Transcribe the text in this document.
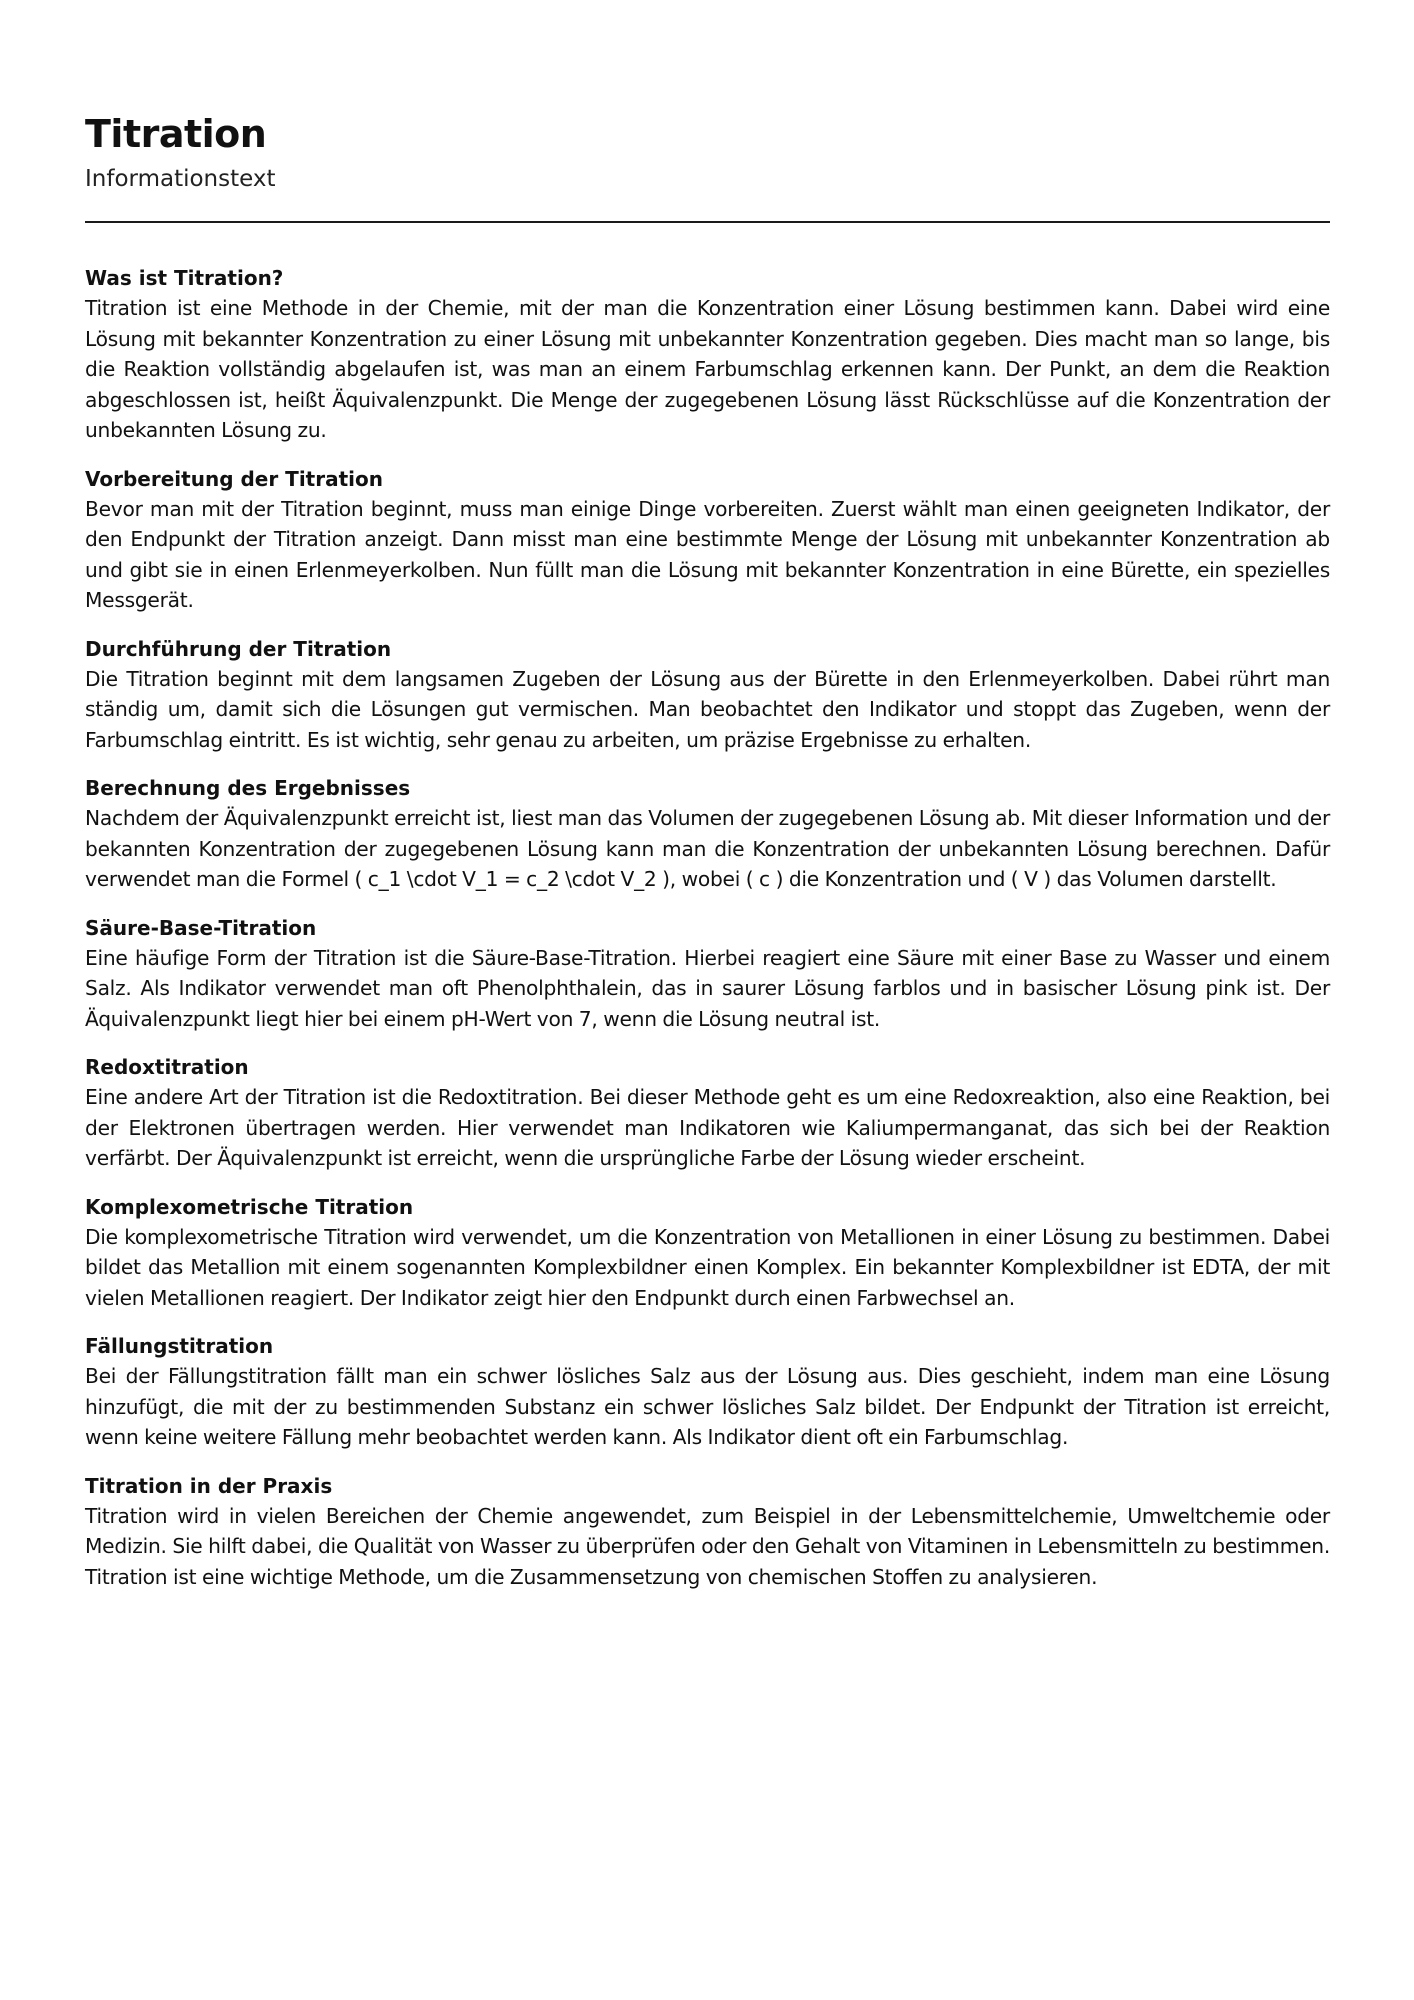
Titration
Informationstext
Was ist Titration?

Titration ist eine Methode in der Chemie, mit der man die Konzentration einer Lösung bestimmen kann. Dabei wird eine Lösung mit bekannter Konzentration zu einer Lösung mit unbekannter Konzentration gegeben. Dies macht man so lange, bis die Reaktion vollständig abgelaufen ist, was man an einem Farbumschlag erkennen kann. Der Punkt, an dem die Reaktion abgeschlossen ist, heißt Äquivalenzpunkt. Die Menge der zugegebenen Lösung lässt Rückschlüsse auf die Konzentration der unbekannten Lösung zu.

Vorbereitung der Titration

Bevor man mit der Titration beginnt, muss man einige Dinge vorbereiten. Zuerst wählt man einen geeigneten Indikator, der den Endpunkt der Titration anzeigt. Dann misst man eine bestimmte Menge der Lösung mit unbekannter Konzentration ab und gibt sie in einen Erlenmeyerkolben. Nun füllt man die Lösung mit bekannter Konzentration in eine Bürette, ein spezielles Messgerät.

Durchführung der Titration

Die Titration beginnt mit dem langsamen Zugeben der Lösung aus der Bürette in den Erlenmeyerkolben. Dabei rührt man ständig um, damit sich die Lösungen gut vermischen. Man beobachtet den Indikator und stoppt das Zugeben, wenn der Farbumschlag eintritt. Es ist wichtig, sehr genau zu arbeiten, um präzise Ergebnisse zu erhalten.

Berechnung des Ergebnisses

Nachdem der Äquivalenzpunkt erreicht ist, liest man das Volumen der zugegebenen Lösung ab. Mit dieser Information und der bekannten Konzentration der zugegebenen Lösung kann man die Konzentration der unbekannten Lösung berechnen. Dafür verwendet man die Formel ( c_1 \cdot V_1 = c_2 \cdot V_2 ), wobei ( c ) die Konzentration und ( V ) das Volumen darstellt.

Säure-Base-Titration

Eine häufige Form der Titration ist die Säure-Base-Titration. Hierbei reagiert eine Säure mit einer Base zu Wasser und einem Salz. Als Indikator verwendet man oft Phenolphthalein, das in saurer Lösung farblos und in basischer Lösung pink ist. Der Äquivalenzpunkt liegt hier bei einem pH-Wert von 7, wenn die Lösung neutral ist.

Redoxtitration

Eine andere Art der Titration ist die Redoxtitration. Bei dieser Methode geht es um eine Redoxreaktion, also eine Reaktion, bei der Elektronen übertragen werden. Hier verwendet man Indikatoren wie Kaliumpermanganat, das sich bei der Reaktion verfärbt. Der Äquivalenzpunkt ist erreicht, wenn die ursprüngliche Farbe der Lösung wieder erscheint.

Komplexometrische Titration

Die komplexometrische Titration wird verwendet, um die Konzentration von Metallionen in einer Lösung zu bestimmen. Dabei bildet das Metallion mit einem sogenannten Komplexbildner einen Komplex. Ein bekannter Komplexbildner ist EDTA, der mit vielen Metallionen reagiert. Der Indikator zeigt hier den Endpunkt durch einen Farbwechsel an.

Fällungstitration

Bei der Fällungstitration fällt man ein schwer lösliches Salz aus der Lösung aus. Dies geschieht, indem man eine Lösung hinzufügt, die mit der zu bestimmenden Substanz ein schwer lösliches Salz bildet. Der Endpunkt der Titration ist erreicht, wenn keine weitere Fällung mehr beobachtet werden kann. Als Indikator dient oft ein Farbumschlag.

Titration in der Praxis

Titration wird in vielen Bereichen der Chemie angewendet, zum Beispiel in der Lebensmittelchemie, Umweltchemie oder Medizin. Sie hilft dabei, die Qualität von Wasser zu überprüfen oder den Gehalt von Vitaminen in Lebensmitteln zu bestimmen. Titration ist eine wichtige Methode, um die Zusammensetzung von chemischen Stoffen zu analysieren.
